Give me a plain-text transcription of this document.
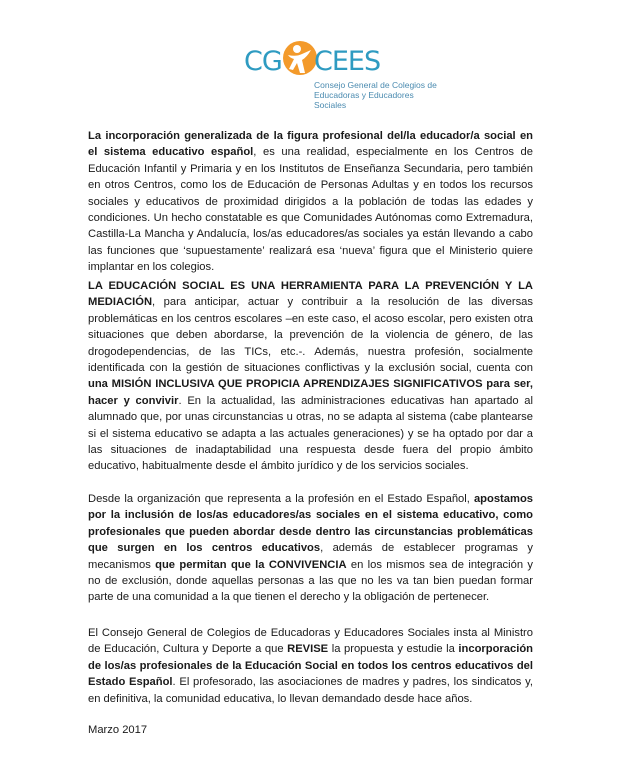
CG CEES
Consejo General de Colegios de
Educadoras y Educadores Sociales

La incorporación generalizada de la figura profesional del/la educador/a social en el sistema educativo español, es una realidad, especialmente en los Centros de Educación Infantil y Primaria y en los Institutos de Enseñanza Secundaria, pero también en otros Centros, como los de Educación de Personas Adultas y en todos los recursos sociales y educativos de proximidad dirigidos a la población de todas las edades y condiciones. Un hecho constatable es que Comunidades Autónomas como Extremadura, Castilla-La Mancha y Andalucía, los/as educadores/as sociales ya están llevando a cabo las funciones que ‘supuestamente’ realizará esa ‘nueva’ figura que el Ministerio quiere implantar en los colegios.

LA EDUCACIÓN SOCIAL ES UNA HERRAMIENTA PARA LA PREVENCIÓN Y LA MEDIACIÓN, para anticipar, actuar y contribuir a la resolución de las diversas problemáticas en los centros escolares –en este caso, el acoso escolar, pero existen otra situaciones que deben abordarse, la prevención de la violencia de género, de las drogodependencias, de las TICs, etc.-. Además, nuestra profesión, socialmente identificada con la gestión de situaciones conflictivas y la exclusión social, cuenta con una MISIÓN INCLUSIVA QUE PROPICIA APRENDIZAJES SIGNIFICATIVOS para ser, hacer y convivir. En la actualidad, las administraciones educativas han apartado al alumnado que, por unas circunstancias u otras, no se adapta al sistema (cabe plantearse si el sistema educativo se adapta a las actuales generaciones) y se ha optado por dar a las situaciones de inadaptabilidad una respuesta desde fuera del propio ámbito educativo, habitualmente desde el ámbito jurídico y de los servicios sociales.

Desde la organización que representa a la profesión en el Estado Español, apostamos por la inclusión de los/as educadores/as sociales en el sistema educativo, como profesionales que pueden abordar desde dentro las circunstancias problemáticas que surgen en los centros educativos, además de establecer programas y mecanismos que permitan que la CONVIVENCIA en los mismos sea de integración y no de exclusión, donde aquellas personas a las que no les va tan bien puedan formar parte de una comunidad a la que tienen el derecho y la obligación de pertenecer.

El Consejo General de Colegios de Educadoras y Educadores Sociales insta al Ministro de Educación, Cultura y Deporte a que REVISE la propuesta y estudie la incorporación de los/as profesionales de la Educación Social en todos los centros educativos del Estado Español. El profesorado, las asociaciones de madres y padres, los sindicatos y, en definitiva, la comunidad educativa, lo llevan demandado desde hace años.

Marzo 2017
